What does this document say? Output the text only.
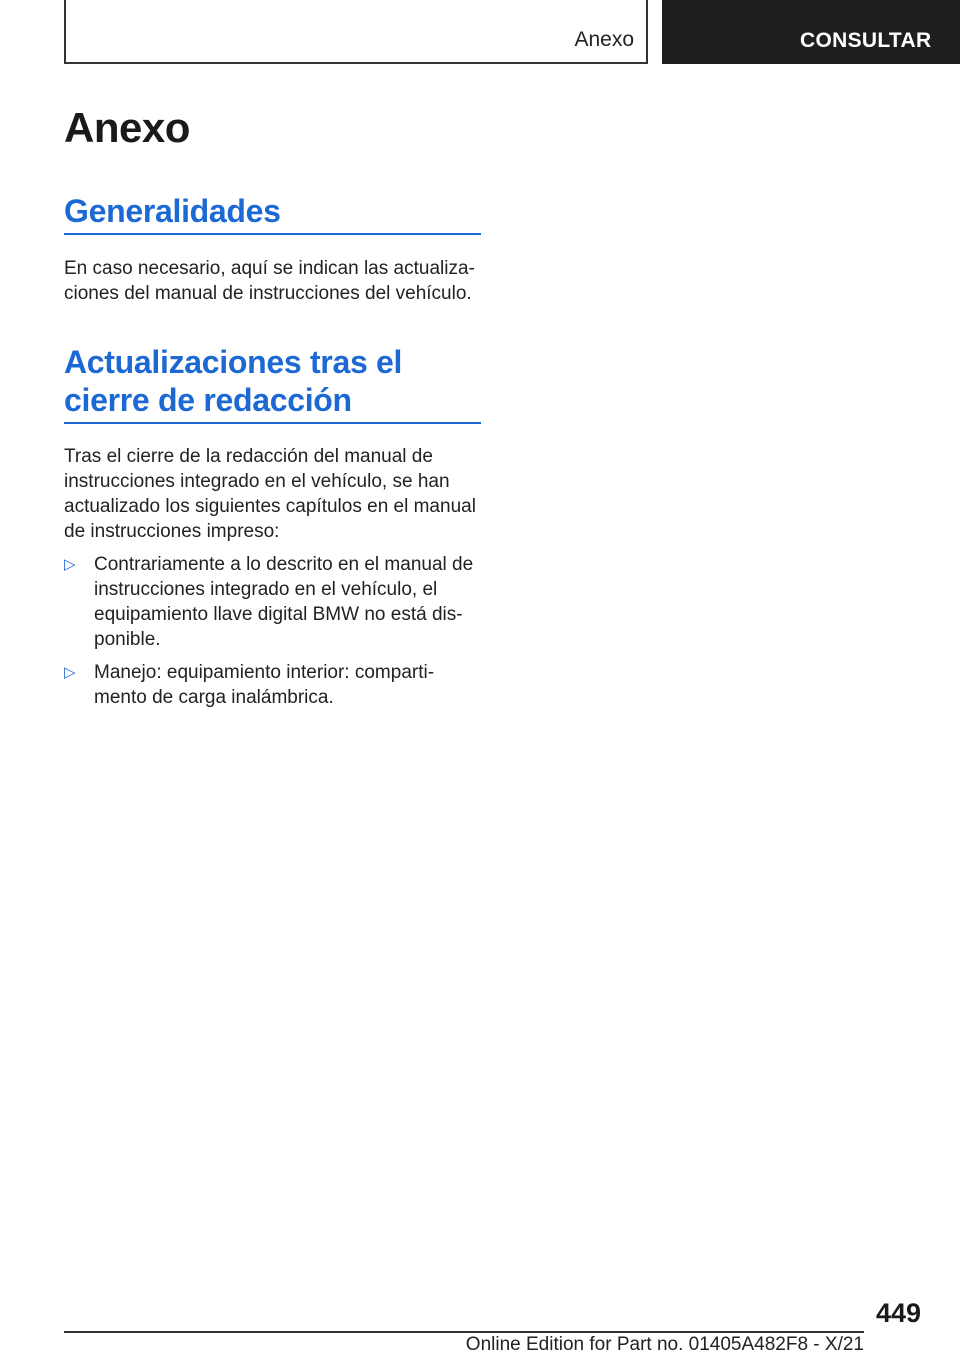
Anexo	CONSULTAR
Anexo
Generalidades

En caso necesario, aquí se indican las actualiza-
ciones del manual de instrucciones del vehículo.

Actualizaciones tras el
cierre de redacción

Tras el cierre de la redacción del manual de
instrucciones integrado en el vehículo, se han
actualizado los siguientes capítulos en el manual
de instrucciones impreso:

▷ Contrariamente a lo descrito en el manual de
instrucciones integrado en el vehículo, el
equipamiento llave digital BMW no está dis-
ponible.
▷ Manejo: equipamiento interior: comparti-
mento de carga inalámbrica.
449
Online Edition for Part no. 01405A482F8 - X/21
